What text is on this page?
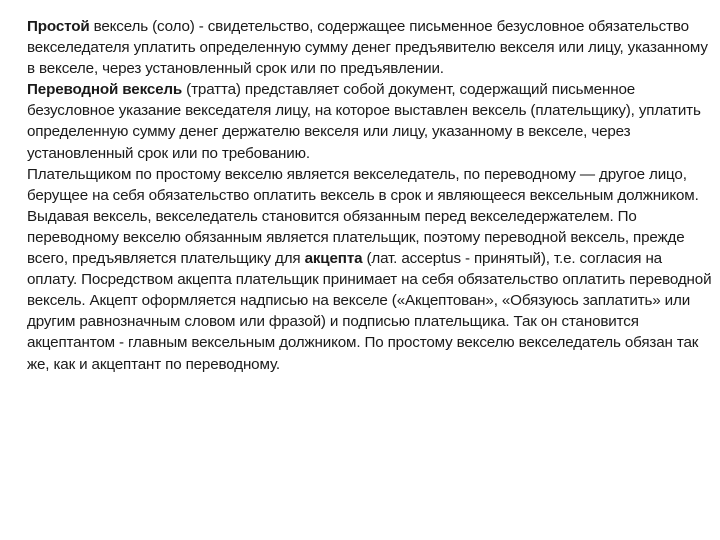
Простой вексель (соло) - свидетельство, содержащее письменное безусловное обязательство векселедателя уплатить определенную сумму денег предъявителю векселя или лицу, указанному в векселе, через установленный срок или по предъявлении.

Переводной вексель (тратта) представляет собой документ, содержащий письменное безусловное указание векседателя лицу, на которое выставлен вексель (плательщику), уплатить определенную сумму денег держателю векселя или лицу, указанному в векселе, через установленный срок или по требованию.

Плательщиком по простому векселю является векселедатель, по переводному — другое лицо, берущее на себя обязательство оплатить вексель в срок и являющееся вексельным должником.

Выдавая вексель, векселедатель становится обязанным перед векселедержателем. По переводному векселю обязанным является плательщик, поэтому переводной вексель, прежде всего, предъявляется плательщику для акцепта (лат. acceptus - принятый), т.е. согласия на оплату. Посредством акцепта плательщик принимает на себя обязательство оплатить переводной вексель. Акцепт оформляется надписью на векселе («Акцептован», «Обязуюсь заплатить» или другим равнозначным словом или фразой) и подписью плательщика. Так он становится акцептантом - главным вексельным должником. По простому векселю векселедатель обязан так же, как и акцептант по переводному.
